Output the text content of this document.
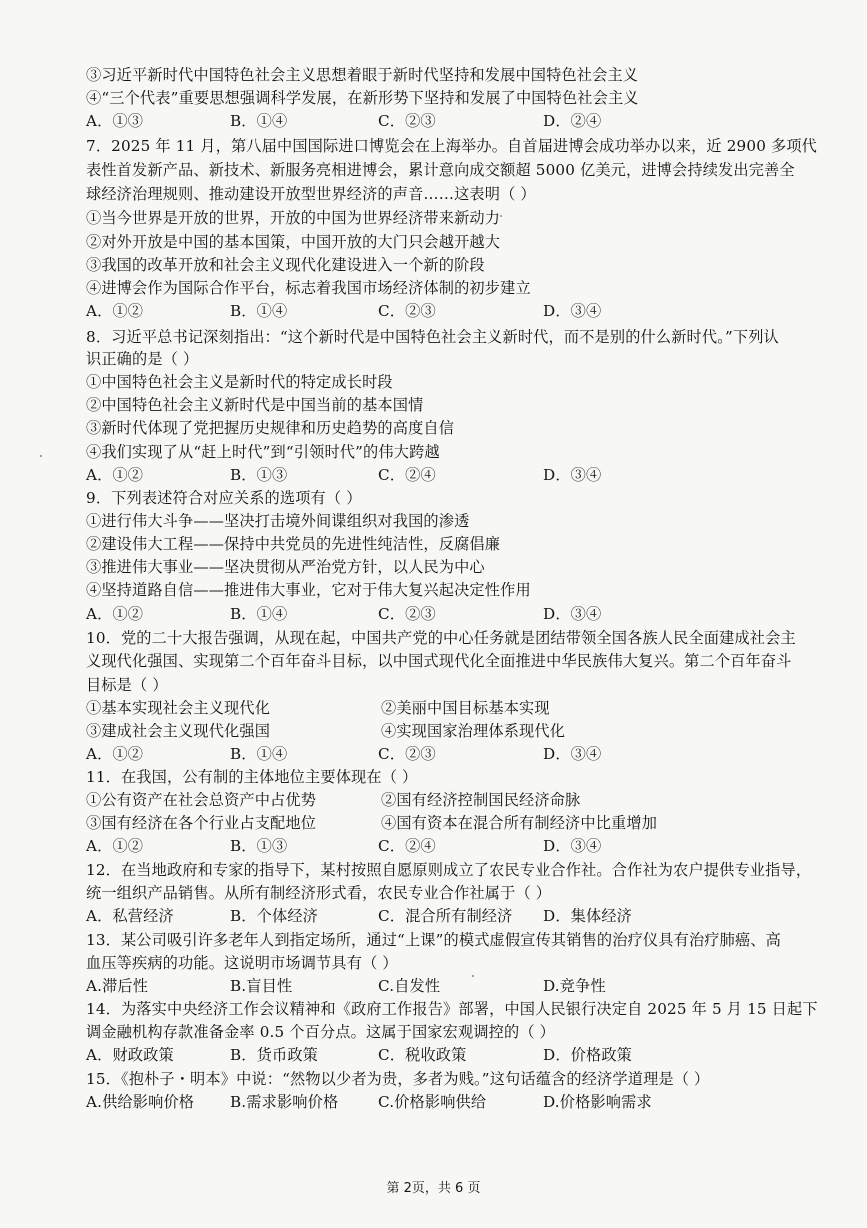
③习近平新时代中国特色社会主义思想着眼于新时代坚持和发展中国特色社会主义
④“三个代表”重要思想强调科学发展，在新形势下坚持和发展了中国特色社会主义
A．①③	B．①④	C．②③	D．②④
7．2025 年 11 月，第八届中国国际进口博览会在上海举办。自首届进博会成功举办以来，近 2900 多项代
表性首发新产品、新技术、新服务亮相进博会，累计意向成交额超 5000 亿美元，进博会持续发出完善全
球经济治理规则、推动建设开放型世界经济的声音……这表明（ ）
①当今世界是开放的世界，开放的中国为世界经济带来新动力
②对外开放是中国的基本国策，中国开放的大门只会越开越大
③我国的改革开放和社会主义现代化建设进入一个新的阶段
④进博会作为国际合作平台，标志着我国市场经济体制的初步建立
A．①②	B．①④	C．②③	D．③④
8．习近平总书记深刻指出：“这个新时代是中国特色社会主义新时代，而不是别的什么新时代。”下列认
识正确的是（ ）
①中国特色社会主义是新时代的特定成长时段
②中国特色社会主义新时代是中国当前的基本国情
③新时代体现了党把握历史规律和历史趋势的高度自信
④我们实现了从“赶上时代”到“引领时代”的伟大跨越
A．①②	B．①③	C．②④	D．③④
9．下列表述符合对应关系的选项有（ ）
①进行伟大斗争——坚决打击境外间谍组织对我国的渗透
②建设伟大工程——保持中共党员的先进性纯洁性，反腐倡廉
③推进伟大事业——坚决贯彻从严治党方针，以人民为中心
④坚持道路自信——推进伟大事业，它对于伟大复兴起决定性作用
A．①②	B．①④	C．②③	D．③④
10．党的二十大报告强调，从现在起，中国共产党的中心任务就是团结带领全国各族人民全面建成社会主
义现代化强国、实现第二个百年奋斗目标，以中国式现代化全面推进中华民族伟大复兴。第二个百年奋斗
目标是（ ）
①基本实现社会主义现代化	②美丽中国目标基本实现
③建成社会主义现代化强国	④实现国家治理体系现代化
A．①②	B．①④	C．②③	D．③④
11．在我国，公有制的主体地位主要体现在（ ）
①公有资产在社会总资产中占优势	②国有经济控制国民经济命脉
③国有经济在各个行业占支配地位	④国有资本在混合所有制经济中比重增加
A．①②	B．①③	C．②④	D．③④
12．在当地政府和专家的指导下，某村按照自愿原则成立了农民专业合作社。合作社为农户提供专业指导，
统一组织产品销售。从所有制经济形式看，农民专业合作社属于（ ）
A．私营经济	B．个体经济	C．混合所有制经济 D．集体经济
13．某公司吸引许多老年人到指定场所，通过“上课”的模式虚假宣传其销售的治疗仪具有治疗肺癌、高
血压等疾病的功能。这说明市场调节具有（ ）
A.滞后性	B.盲目性	C.自发性	D.竞争性
14．为落实中央经济工作会议精神和《政府工作报告》部署，中国人民银行决定自 2025 年 5 月 15 日起下
调金融机构存款准备金率 0.5 个百分点。这属于国家宏观调控的（ ）
A．财政政策	B．货币政策	C．税收政策	D．价格政策
15．《抱朴子・明本》中说：“然物以少者为贵，多者为贱。”这句话蕴含的经济学道理是（ ）
A.供给影响价格 B.需求影响价格	C.价格影响供给	D.价格影响需求
第 2页，共 6 页
